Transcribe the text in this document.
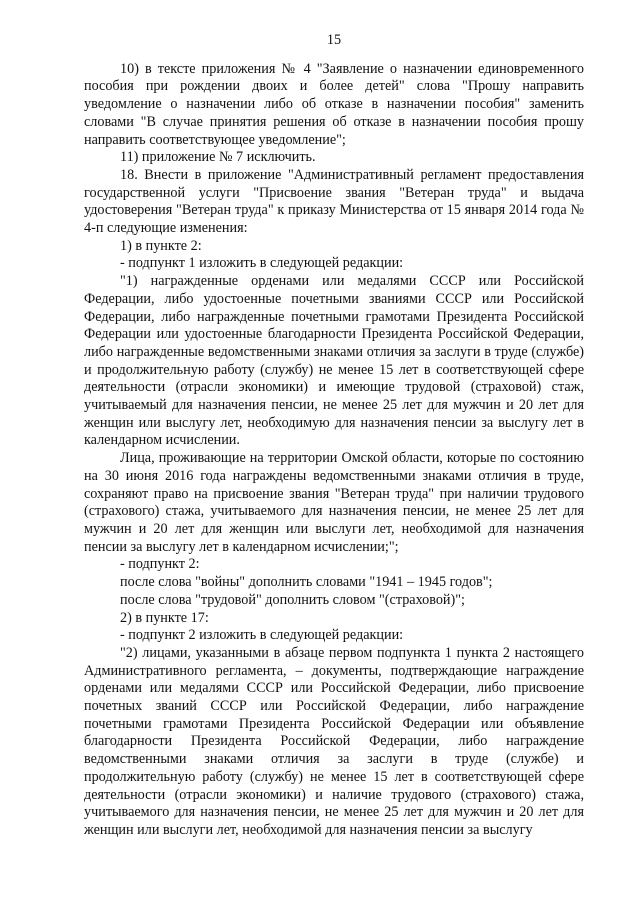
15

10) в тексте приложения № 4 "Заявление о назначении единовременного пособия при рождении двоих и более детей" слова "Прошу направить уведомление о назначении либо об отказе в назначении пособия" заменить словами "В случае принятия решения об отказе в назначении пособия прошу направить соответствующее уведомление";

11) приложение № 7 исключить.

18. Внести в приложение "Административный регламент предоставления государственной услуги "Присвоение звания "Ветеран труда" и выдача удостоверения "Ветеран труда" к приказу Министерства от 15 января 2014 года № 4-п следующие изменения:

1) в пункте 2:

- подпункт 1 изложить в следующей редакции:

"1) награжденные орденами или медалями СССР или Российской Федерации, либо удостоенные почетными званиями СССР или Российской Федерации, либо награжденные почетными грамотами Президента Российской Федерации или удостоенные благодарности Президента Российской Федерации, либо награжденные ведомственными знаками отличия за заслуги в труде (службе) и продолжительную работу (службу) не менее 15 лет в соответствующей сфере деятельности (отрасли экономики) и имеющие трудовой (страховой) стаж, учитываемый для назначения пенсии, не менее 25 лет для мужчин и 20 лет для женщин или выслугу лет, необходимую для назначения пенсии за выслугу лет в календарном исчислении.

Лица, проживающие на территории Омской области, которые по состоянию на 30 июня 2016 года награждены ведомственными знаками отличия в труде, сохраняют право на присвоение звания "Ветеран труда" при наличии трудового (страхового) стажа, учитываемого для назначения пенсии, не менее 25 лет для мужчин и 20 лет для женщин или выслуги лет, необходимой для назначения пенсии за выслугу лет в календарном исчислении;";

- подпункт 2:

после слова "войны" дополнить словами "1941 – 1945 годов";

после слова "трудовой" дополнить словом "(страховой)";

2) в пункте 17:

- подпункт 2 изложить в следующей редакции:

"2) лицами, указанными в абзаце первом подпункта 1 пункта 2 настоящего Административного регламента, – документы, подтверждающие награждение орденами или медалями СССР или Российской Федерации, либо присвоение почетных званий СССР или Российской Федерации, либо награждение почетными грамотами Президента Российской Федерации или объявление благодарности Президента Российской Федерации, либо награждение ведомственными знаками отличия за заслуги в труде (службе) и продолжительную работу (службу) не менее 15 лет в соответствующей сфере деятельности (отрасли экономики) и наличие трудового (страхового) стажа, учитываемого для назначения пенсии, не менее 25 лет для мужчин и 20 лет для женщин или выслуги лет, необходимой для назначения пенсии за выслугу
